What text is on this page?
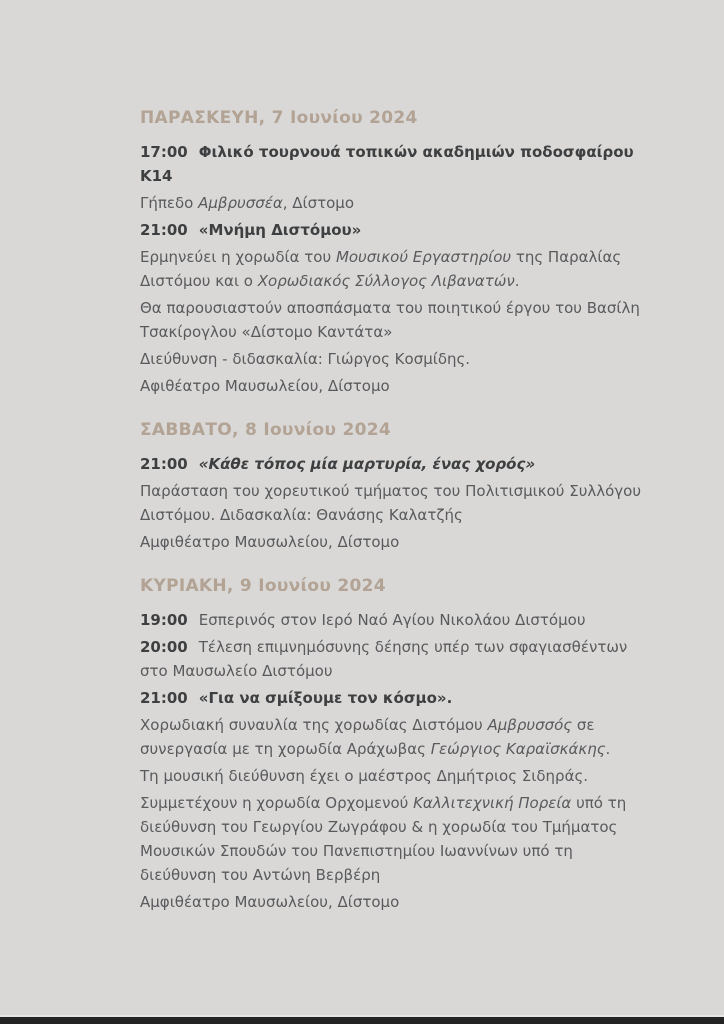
ΠΑΡΑΣΚΕΥΗ, 7 Ιουνίου 2024

17:00 Φιλικό τουρνουά τοπικών ακαδημιών ποδοσφαίρου Κ14

Γήπεδο Αμβρυσσέα, Δίστομο

21:00 «Μνήμη Διστόμου»

Ερμηνεύει η χορωδία του Μουσικού Εργαστηρίου της Παραλίας Διστόμου και ο Χορωδιακός Σύλλογος Λιβανατών.

Θα παρουσιαστούν αποσπάσματα του ποιητικού έργου του Βασίλη Τσακίρογλου «Δίστομο Καντάτα»

Διεύθυνση - διδασκαλία: Γιώργος Κοσμίδης.

Αφιθέατρο Μαυσωλείου, Δίστομο

ΣΑΒΒΑΤΟ, 8 Ιουνίου 2024

21:00 «Κάθε τόπος μία μαρτυρία, ένας χορός»

Παράσταση του χορευτικού τμήματος του Πολιτισμικού Συλλόγου Διστόμου. Διδασκαλία: Θανάσης Καλατζής

Αμφιθέατρο Μαυσωλείου, Δίστομο

ΚΥΡΙΑΚΗ, 9 Ιουνίου 2024

19:00 Εσπερινός στον Ιερό Ναό Αγίου Νικολάου Διστόμου

20:00 Τέλεση επιμνημόσυνης δέησης υπέρ των σφαγιασθέντων στο Μαυσωλείο Διστόμου

21:00 «Για να σμίξουμε τον κόσμο».

Χορωδιακή συναυλία της χορωδίας Διστόμου Αμβρυσσός σε συνεργασία με τη χορωδία Αράχωβας Γεώργιος Καραϊσκάκης.

Τη μουσική διεύθυνση έχει ο μαέστρος Δημήτριος Σιδηράς.

Συμμετέχουν η χορωδία Ορχομενού Καλλιτεχνική Πορεία υπό τη διεύθυνση του Γεωργίου Ζωγράφου & η χορωδία του Τμήματος Μουσικών Σπουδών του Πανεπιστημίου Ιωαννίνων υπό τη διεύθυνση του Αντώνη Βερβέρη

Αμφιθέατρο Μαυσωλείου, Δίστομο
